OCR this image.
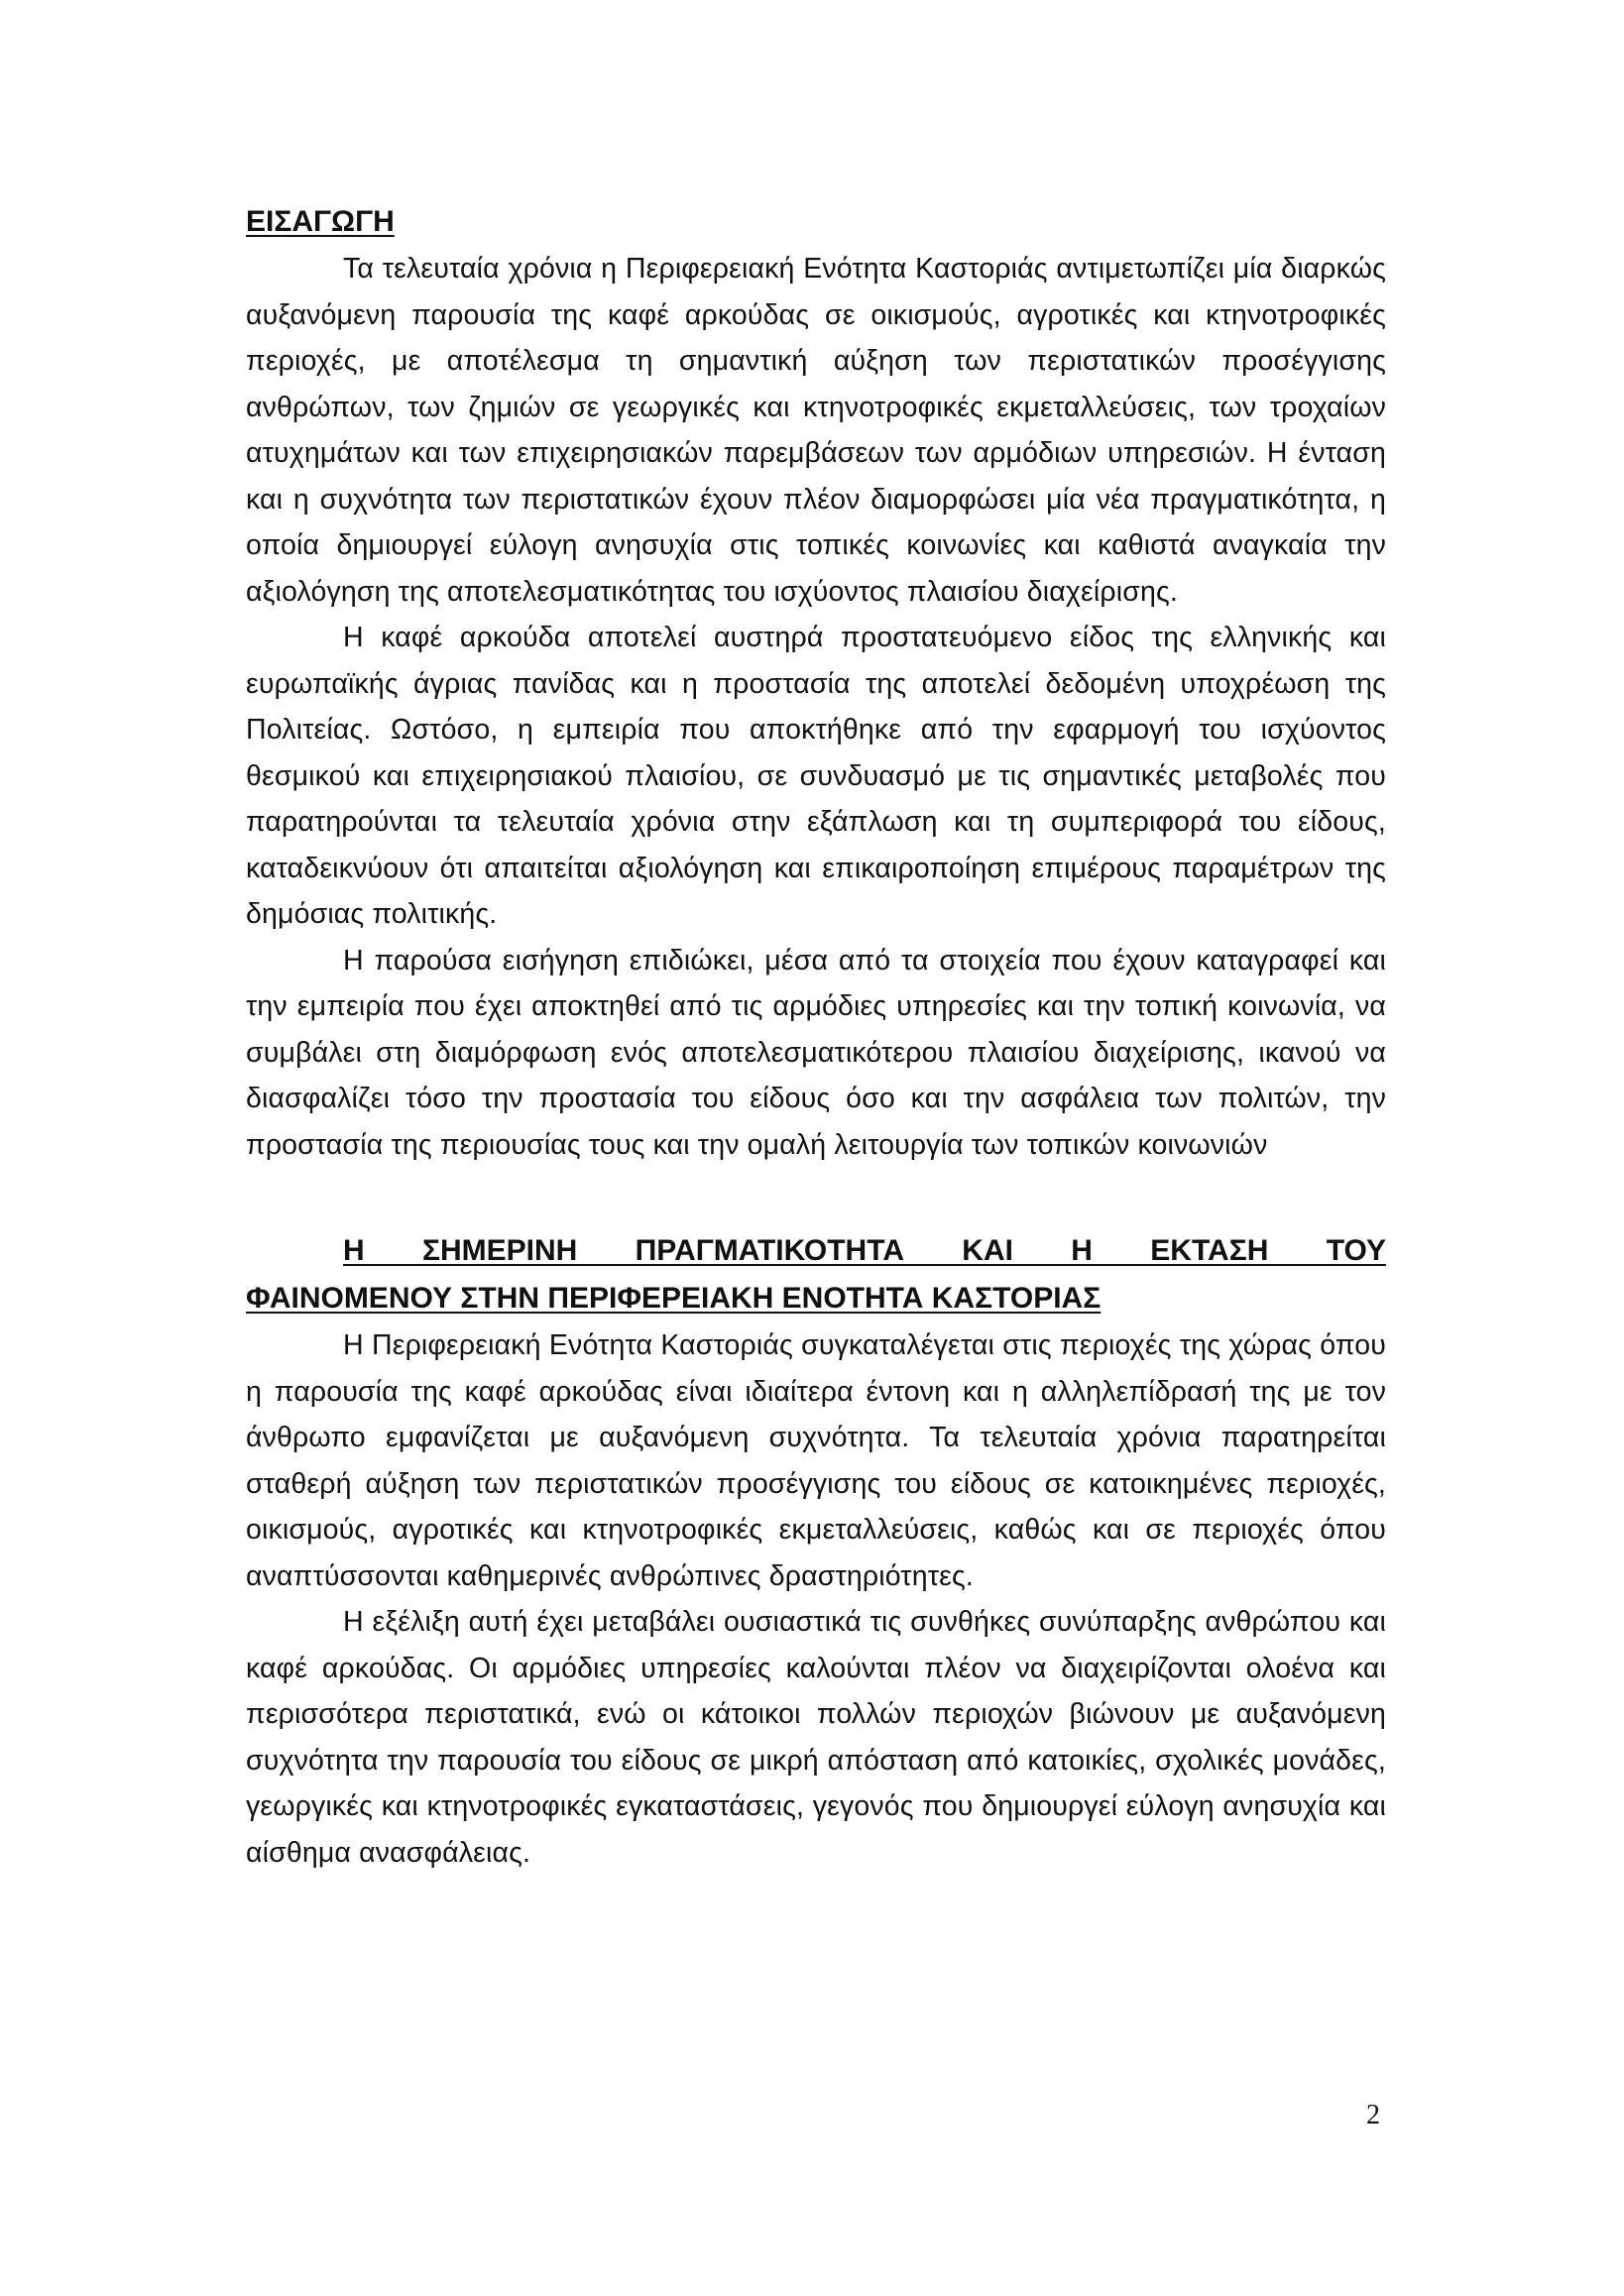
ΕΙΣΑΓΩΓΗ

Τα τελευταία χρόνια η Περιφερειακή Ενότητα Καστοριάς αντιμετωπίζει μία διαρκώς αυξανόμενη παρουσία της καφέ αρκούδας σε οικισμούς, αγροτικές και κτηνοτροφικές περιοχές, με αποτέλεσμα τη σημαντική αύξηση των περιστατικών προσέγγισης ανθρώπων, των ζημιών σε γεωργικές και κτηνοτροφικές εκμεταλλεύσεις, των τροχαίων ατυχημάτων και των επιχειρησιακών παρεμβάσεων των αρμόδιων υπηρεσιών. Η ένταση και η συχνότητα των περιστατικών έχουν πλέον διαμορφώσει μία νέα πραγματικότητα, η οποία δημιουργεί εύλογη ανησυχία στις τοπικές κοινωνίες και καθιστά αναγκαία την αξιολόγηση της αποτελεσματικότητας του ισχύοντος πλαισίου διαχείρισης.

Η καφέ αρκούδα αποτελεί αυστηρά προστατευόμενο είδος της ελληνικής και ευρωπαϊκής άγριας πανίδας και η προστασία της αποτελεί δεδομένη υποχρέωση της Πολιτείας. Ωστόσο, η εμπειρία που αποκτήθηκε από την εφαρμογή του ισχύοντος θεσμικού και επιχειρησιακού πλαισίου, σε συνδυασμό με τις σημαντικές μεταβολές που παρατηρούνται τα τελευταία χρόνια στην εξάπλωση και τη συμπεριφορά του είδους, καταδεικνύουν ότι απαιτείται αξιολόγηση και επικαιροποίηση επιμέρους παραμέτρων της δημόσιας πολιτικής.

Η παρούσα εισήγηση επιδιώκει, μέσα από τα στοιχεία που έχουν καταγραφεί και την εμπειρία που έχει αποκτηθεί από τις αρμόδιες υπηρεσίες και την τοπική κοινωνία, να συμβάλει στη διαμόρφωση ενός αποτελεσματικότερου πλαισίου διαχείρισης, ικανού να διασφαλίζει τόσο την προστασία του είδους όσο και την ασφάλεια των πολιτών, την προστασία της περιουσίας τους και την ομαλή λειτουργία των τοπικών κοινωνιών

Η ΣΗΜΕΡΙΝΗ ΠΡΑΓΜΑΤΙΚΟΤΗΤΑ ΚΑΙ Η ΕΚΤΑΣΗ ΤΟΥ
ΦΑΙΝΟΜΕΝΟΥ ΣΤΗΝ ΠΕΡΙΦΕΡΕΙΑΚΗ ΕΝΟΤΗΤΑ ΚΑΣΤΟΡΙΑΣ

Η Περιφερειακή Ενότητα Καστοριάς συγκαταλέγεται στις περιοχές της χώρας όπου η παρουσία της καφέ αρκούδας είναι ιδιαίτερα έντονη και η αλληλεπίδρασή της με τον άνθρωπο εμφανίζεται με αυξανόμενη συχνότητα. Τα τελευταία χρόνια παρατηρείται σταθερή αύξηση των περιστατικών προσέγγισης του είδους σε κατοικημένες περιοχές, οικισμούς, αγροτικές και κτηνοτροφικές εκμεταλλεύσεις, καθώς και σε περιοχές όπου αναπτύσσονται καθημερινές ανθρώπινες δραστηριότητες.

Η εξέλιξη αυτή έχει μεταβάλει ουσιαστικά τις συνθήκες συνύπαρξης ανθρώπου και καφέ αρκούδας. Οι αρμόδιες υπηρεσίες καλούνται πλέον να διαχειρίζονται ολοένα και περισσότερα περιστατικά, ενώ οι κάτοικοι πολλών περιοχών βιώνουν με αυξανόμενη συχνότητα την παρουσία του είδους σε μικρή απόσταση από κατοικίες, σχολικές μονάδες, γεωργικές και κτηνοτροφικές εγκαταστάσεις, γεγονός που δημιουργεί εύλογη ανησυχία και αίσθημα ανασφάλειας.

2
